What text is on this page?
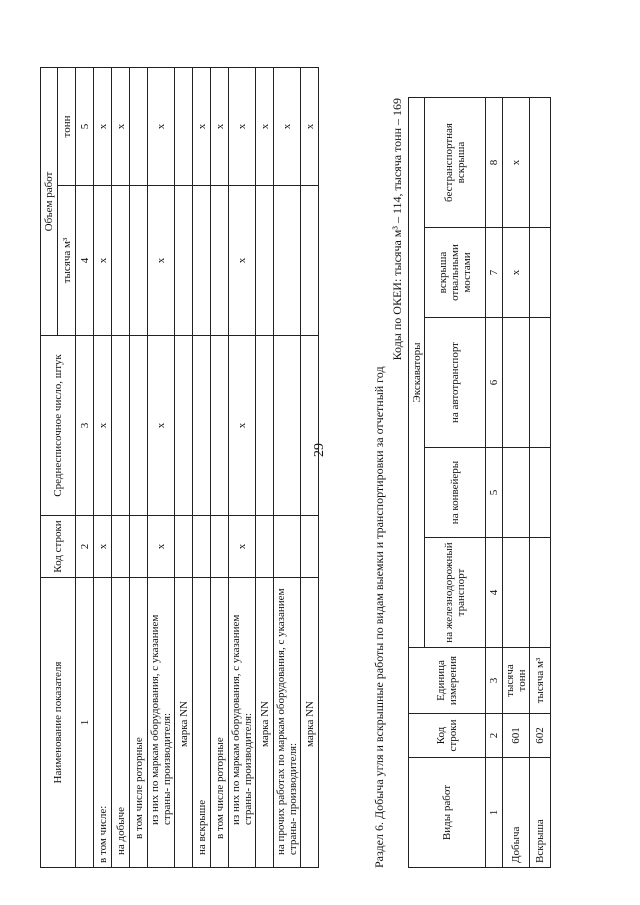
29
Наименование показателя	Код строки	Среднесписочное число, штук	Объем работ	
			тысяча м³	тонн
1	2	3	4	5
в том числе:	x	x	x	x
на добыче				x
в том числе роторные				
из них по маркам оборудования, с указанием страны- производителя:	x	x	x	x
марка NN				
на вскрыше				x
в том числе роторные				x
из них по маркам оборудования, с указанием страны- производителя:	x	x	x	x
марка NN				x
на прочих работах по маркам оборудования, с указанием страны- производителя:				x
марка NN				x
Раздел 6. Добыча угля и вскрышные работы по видам выемки и транспортировки за отчетный год
Коды по ОКЕИ: тысяча м³ – 114, тысяча тонн – 169
Виды работ	Код строки	Единица измерения	Экскаваторы				
			на железнодорожный транспорт	на конвейеры	на автотранспорт	вскрыша отвальными мостами	бестранспортная вскрыша
1	2	3	4	5	6	7	8
Добыча	601	тысяча тонн				x	x
Вскрыша	602	тысяча м³					
